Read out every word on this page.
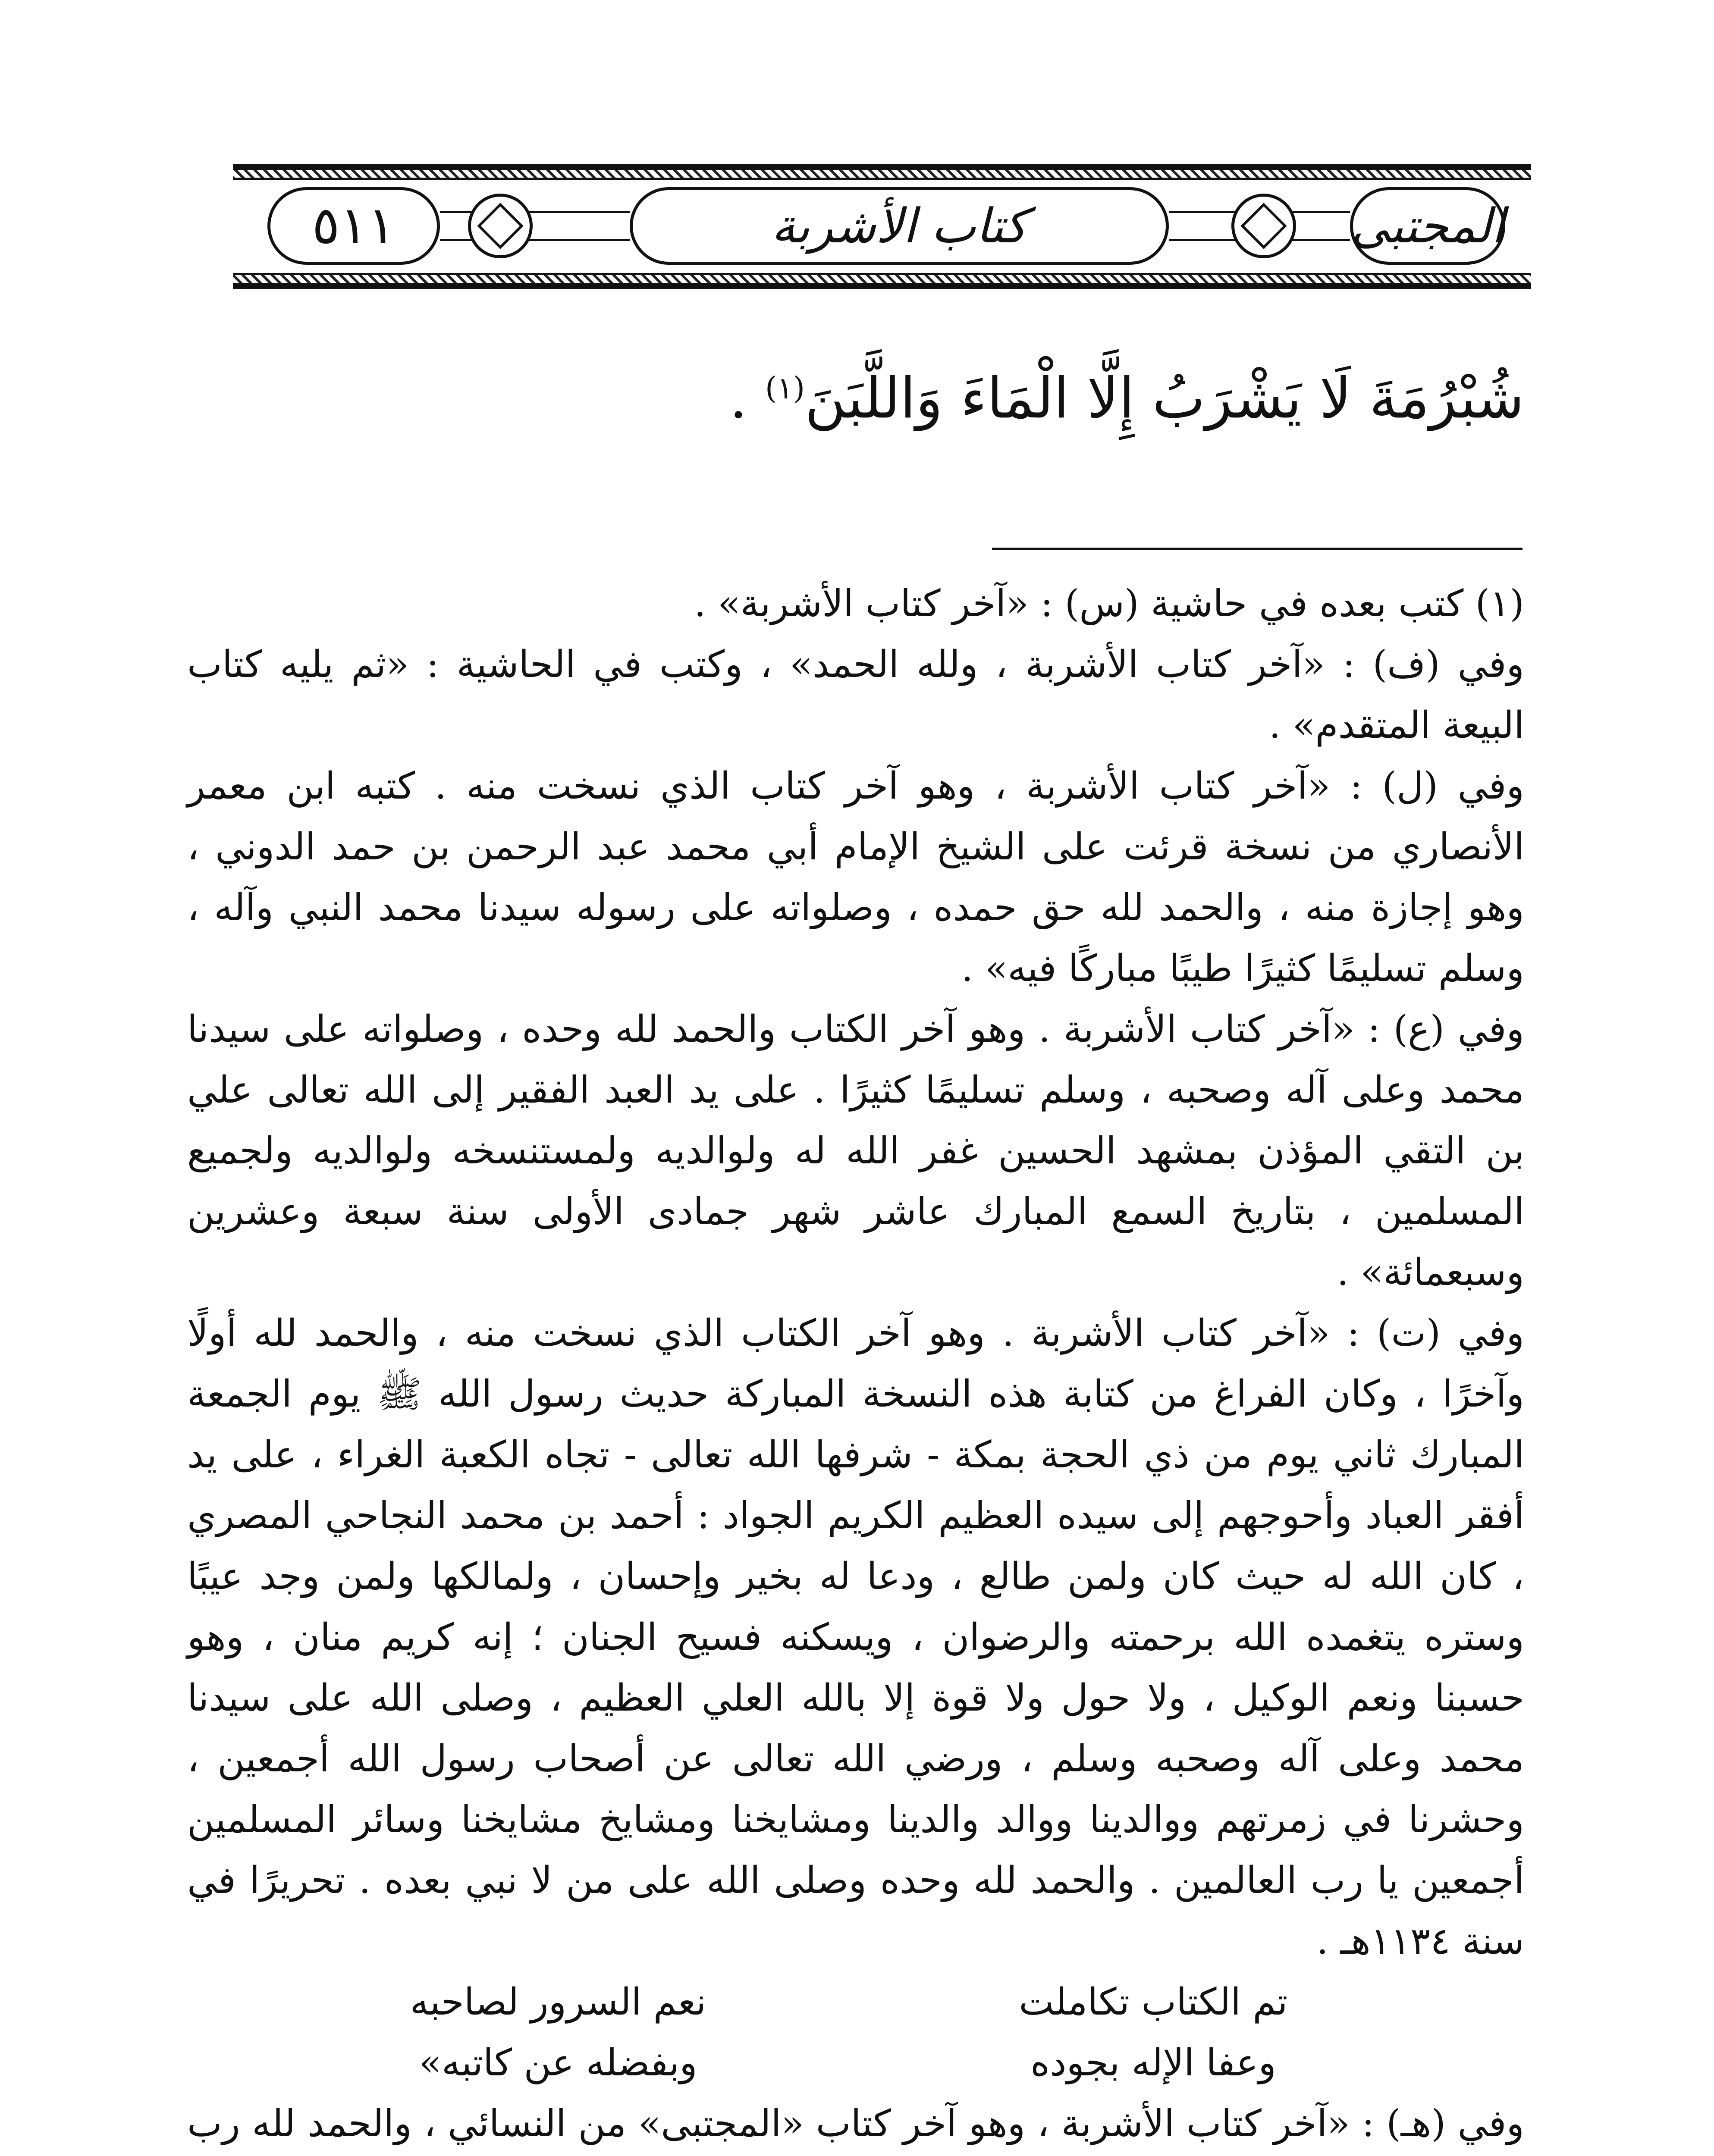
٥١١	كتاب الأشربة	المجتبى
شُبْرُمَةَ لَا يَشْرَبُ إِلَّا الْمَاءَ وَاللَّبَنَ$^{(١)}$ .

(١) كتب بعده في حاشية (س) : «آخر كتاب الأشربة» .

وفي (ف) : «آخر كتاب الأشربة ، ولله الحمد» ، وكتب في الحاشية : «ثم يليه كتاب البيعة المتقدم» .

وفي (ل) : «آخر كتاب الأشربة ، وهو آخر كتاب الذي نسخت منه . كتبه ابن معمر الأنصاري من نسخة قرئت على الشيخ الإمام أبي محمد عبد الرحمن بن حمد الدوني ، وهو إجازة منه ، والحمد لله حق حمده ، وصلواته على رسوله سيدنا محمد النبي وآله ، وسلم تسليمًا كثيرًا طيبًا مباركًا فيه» .

وفي (ع) : «آخر كتاب الأشربة . وهو آخر الكتاب والحمد لله وحده ، وصلواته على سيدنا محمد وعلى آله وصحبه ، وسلم تسليمًا كثيرًا . على يد العبد الفقير إلى الله تعالى علي بن التقي المؤذن بمشهد الحسين غفر الله له ولوالديه ولمستنسخه ولوالديه ولجميع المسلمين ، بتاريخ السمع المبارك عاشر شهر جمادى الأولى سنة سبعة وعشرين وسبعمائة» .

وفي (ت) : «آخر كتاب الأشربة . وهو آخر الكتاب الذي نسخت منه ، والحمد لله أولًا وآخرًا ، وكان الفراغ من كتابة هذه النسخة المباركة حديث رسول الله ﷺ يوم الجمعة المبارك ثاني يوم من ذي الحجة بمكة - شرفها الله تعالى - تجاه الكعبة الغراء ، على يد أفقر العباد وأحوجهم إلى سيده العظيم الكريم الجواد : أحمد بن محمد النجاحي المصري ، كان الله له حيث كان ولمن طالع ، ودعا له بخير وإحسان ، ولمالكها ولمن وجد عيبًا وستره يتغمده الله برحمته والرضوان ، ويسكنه فسيح الجنان ؛ إنه كريم منان ، وهو حسبنا ونعم الوكيل ، ولا حول ولا قوة إلا بالله العلي العظيم ، وصلى الله على سيدنا محمد وعلى آله وصحبه وسلم ، ورضي الله تعالى عن أصحاب رسول الله أجمعين ، وحشرنا في زمرتهم ووالدينا ووالد والدينا ومشايخنا ومشايخ مشايخنا وسائر المسلمين أجمعين يا رب العالمين . والحمد لله وحده وصلى الله على من لا نبي بعده . تحريرًا في سنة ١١٣٤هـ .

تم الكتاب تكاملت
نعم السرور لصاحبه
وعفا الإله بجوده
وبفضله عن كاتبه»

وفي (هـ) : «آخر كتاب الأشربة ، وهو آخر كتاب «المجتبى» من النسائي ، والحمد لله رب
